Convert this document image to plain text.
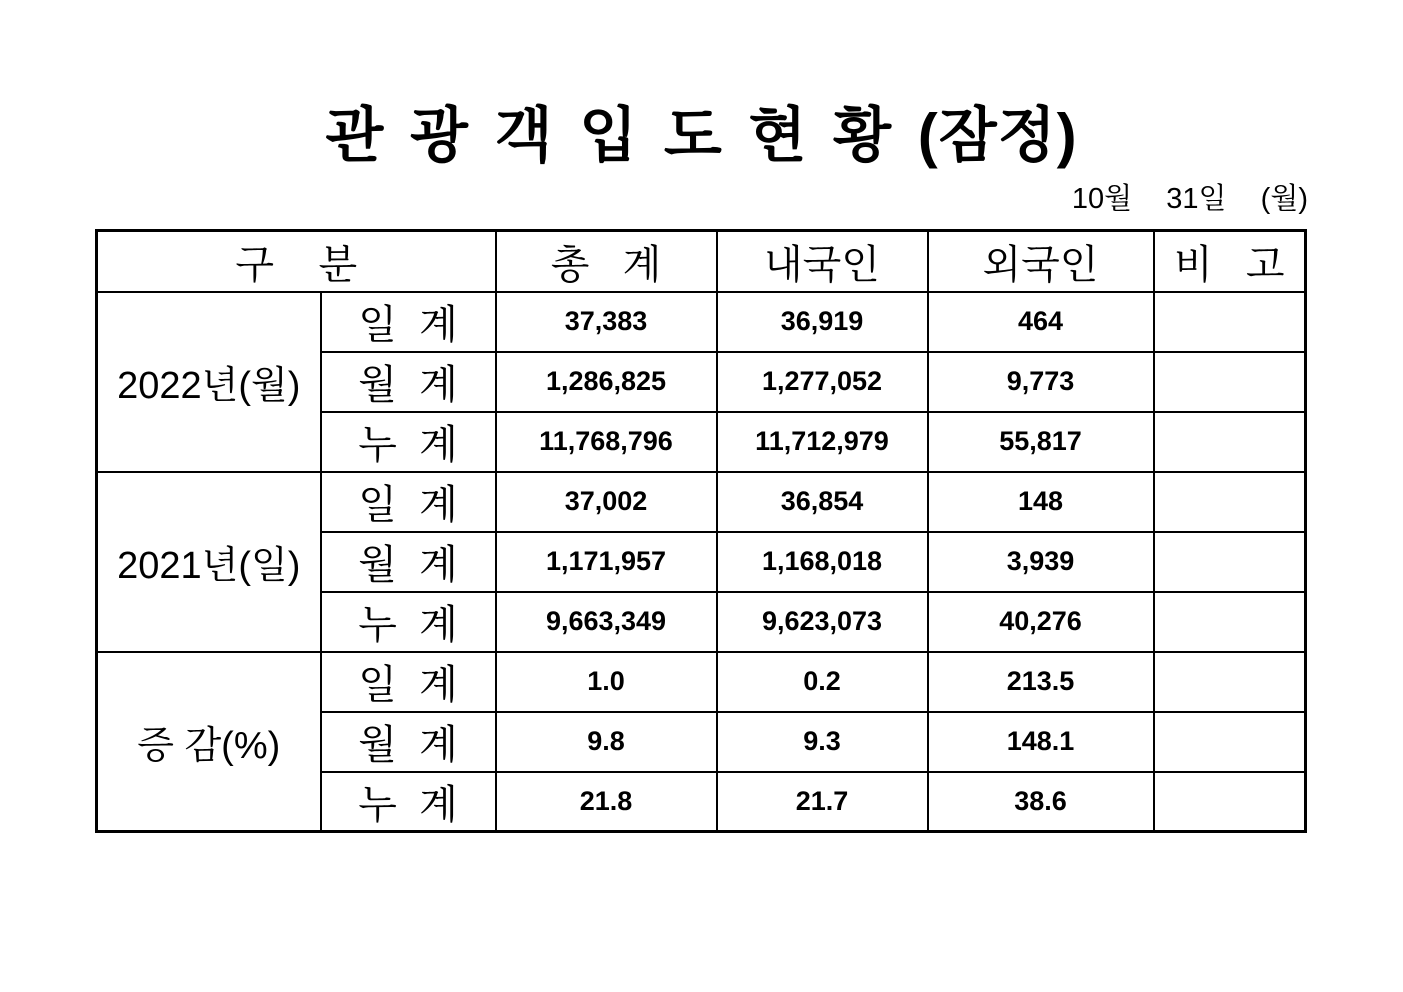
관 광 객 입 도 현 황 (잠정)
10월  31일  (월)
구    분		총   계	내국인	외국인	비   고
2022년(월)	일  계	37,383	36,919	464	
	월  계	1,286,825	1,277,052	9,773	
	누  계	11,768,796	11,712,979	55,817	
2021년(일)	일  계	37,002	36,854	148	
	월  계	1,171,957	1,168,018	3,939	
	누  계	9,663,349	9,623,073	40,276	
증 감(%)	일  계	1.0	0.2	213.5	
	월  계	9.8	9.3	148.1	
	누  계	21.8	21.7	38.6	
